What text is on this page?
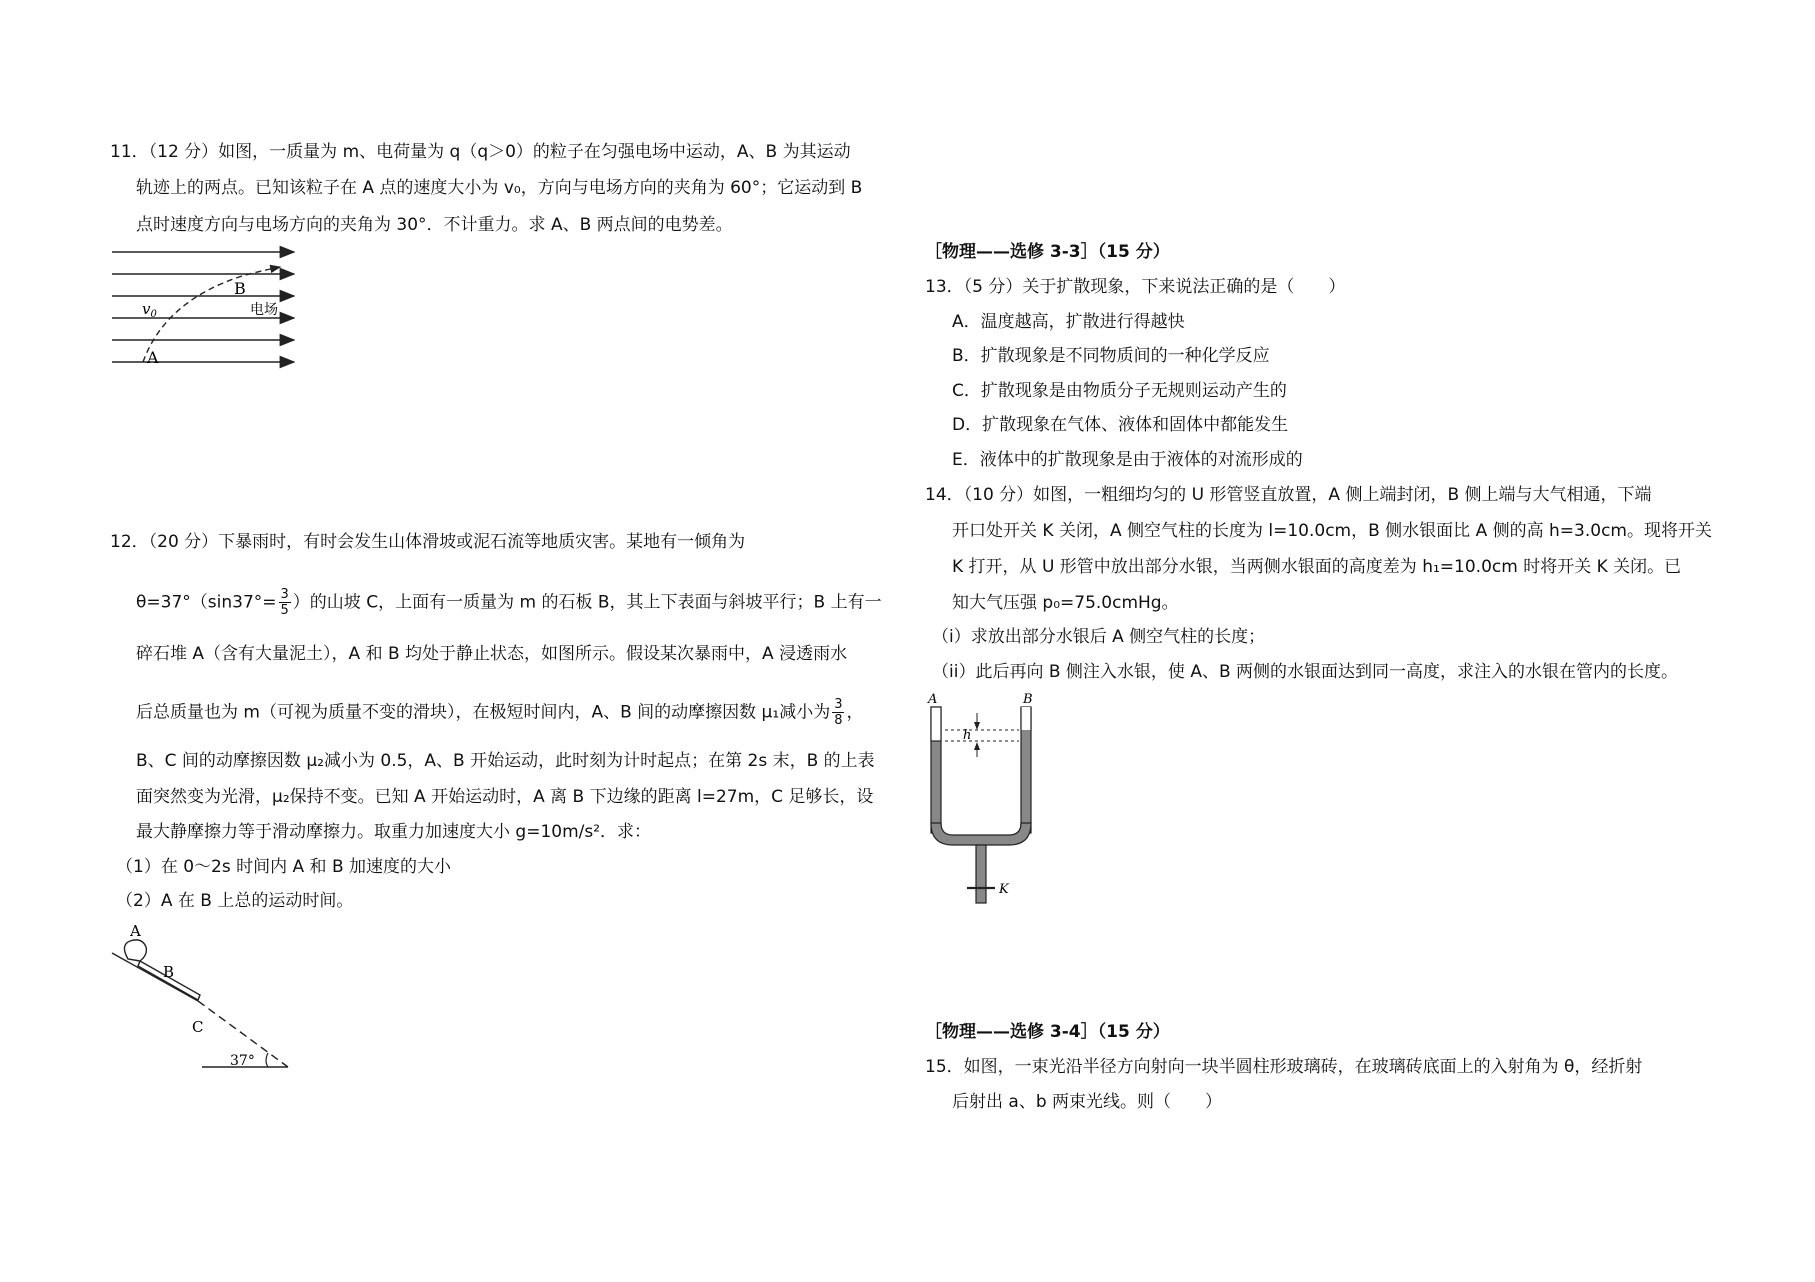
11．（12 分）如图，一质量为 m、电荷量为 q（q＞0）的粒子在匀强电场中运动，A、B 为其运动
轨迹上的两点。已知该粒子在 A 点的速度大小为 v₀，方向与电场方向的夹角为 60°；它运动到 B
点时速度方向与电场方向的夹角为 30°．不计重力。求 A、B 两点间的电势差。
B
A
$v_0$	电场
12．（20 分）下暴雨时，有时会发生山体滑坡或泥石流等地质灾害。某地有一倾角为
$\theta=37^\circ(\sin 37^\circ= \frac{3}{5}$ ）的山坡 C，上面有一质量为 m 的石板 B，其上下表面与斜坡平行；B 上有一
碎石堆 A（含有大量泥土），A 和 B 均处于静止状态，如图所示。假设某次暴雨中，A 浸透雨水
后总质量也为 m（可视为质量不变的滑块），在极短时间内，A、B 间的动摩擦因数 μ₁减小为 $\frac{3}{8}$ ，
B、C 间的动摩擦因数 μ₂减小为 0.5，A、B 开始运动，此时刻为计时起点；在第 2s 末，B 的上表
面突然变为光滑，μ₂保持不变。已知 A 开始运动时，A 离 B 下边缘的距离 l=27m，C 足够长，设
最大静摩擦力等于滑动摩擦力。取重力加速度大小 g=10m/s²．求：
（1）在 0～2s 时间内 A 和 B 加速度的大小
（2）A 在 B 上总的运动时间。
A
B
C
37°
［物理——选修 3-3］（15 分）
13．（5 分）关于扩散现象，下来说法正确的是（　　）
A．温度越高，扩散进行得越快
B．扩散现象是不同物质间的一种化学反应
C．扩散现象是由物质分子无规则运动产生的
D．扩散现象在气体、液体和固体中都能发生
E．液体中的扩散现象是由于液体的对流形成的
14．（10 分）如图，一粗细均匀的 U 形管竖直放置，A 侧上端封闭，B 侧上端与大气相通，下端
开口处开关 K 关闭，A 侧空气柱的长度为 l=10.0cm，B 侧水银面比 A 侧的高 h=3.0cm。现将开关
K 打开，从 U 形管中放出部分水银，当两侧水银面的高度差为 h₁=10.0cm 时将开关 K 关闭。已
知大气压强 p₀=75.0cmHg。
（i）求放出部分水银后 A 侧空气柱的长度；
（ii）此后再向 B 侧注入水银，使 A、B 两侧的水银面达到同一高度，求注入的水银在管内的长度。
A	B
h
K
［物理——选修 3-4］（15 分）
15．如图，一束光沿半径方向射向一块半圆柱形玻璃砖，在玻璃砖底面上的入射角为 θ，经折射
后射出 a、b 两束光线。则（　　）
